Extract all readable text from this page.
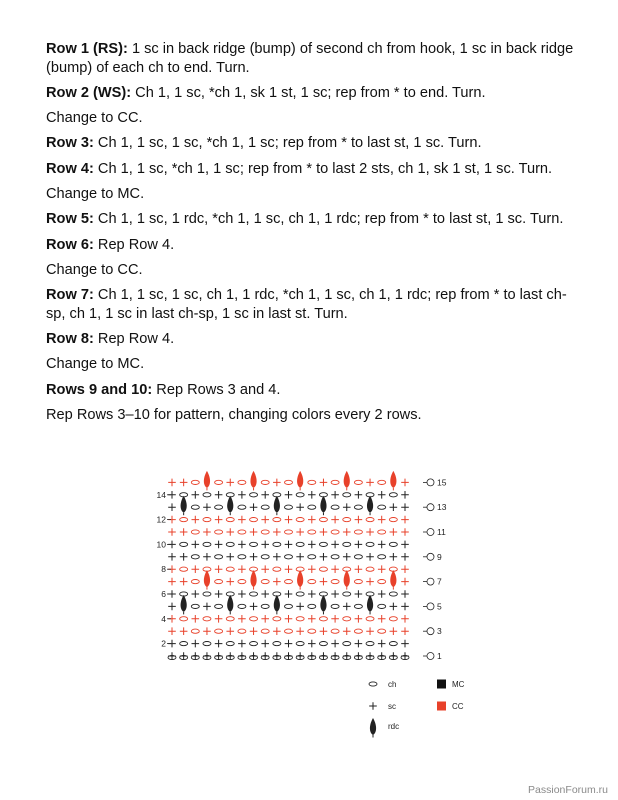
Row 1 (RS): 1 sc in back ridge (bump) of second ch from hook, 1 sc in back ridge (bump) of each ch to end. Turn.

Row 2 (WS): Ch 1, 1 sc, *ch 1, sk 1 st, 1 sc; rep from * to end. Turn.

Change to CC.

Row 3: Ch 1, 1 sc, 1 sc, *ch 1, 1 sc; rep from * to last st, 1 sc. Turn.

Row 4: Ch 1, 1 sc, *ch 1, 1 sc; rep from * to last 2 sts, ch 1, sk 1 st, 1 sc. Turn.

Change to MC.

Row 5: Ch 1, 1 sc, 1 rdc, *ch 1, 1 sc, ch 1, 1 rdc; rep from * to last st, 1 sc. Turn.

Row 6: Rep Row 4.

Change to CC.

Row 7: Ch 1, 1 sc, 1 sc, ch 1, 1 rdc, *ch 1, 1 sc, ch 1, 1 rdc; rep from * to last ch-sp, ch 1, 1 sc in last ch-sp, 1 sc in last st. Turn.

Row 8: Rep Row 4.

Change to MC.

Rows 9 and 10: Rep Rows 3 and 4.

Rep Rows 3–10 for pattern, changing colors every 2 rows.

14
12
10
8
6
4
2
15
13
11
9
7
5
3
1
ch
sc
rdc
MC
CC
PassionForum.ru
